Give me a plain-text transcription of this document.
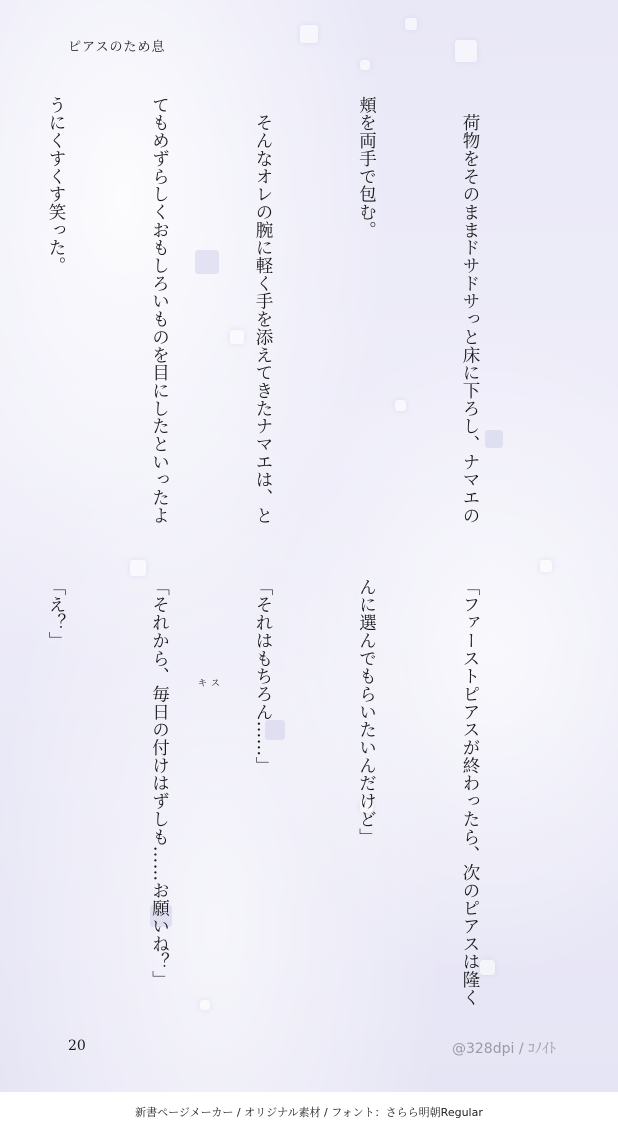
ピアスのため息

　荷物をそのままドサドサっと床に下ろし、ナマエの

頬を両手で包む。

　そんなオレの腕に軽く手を添えてきたナマエは、と

てもめずらしくおもしろいものを目にしたといったよ

うにくすくす笑った。

「ファーストピアスが終わったら、次のピアスは隆く

んに選んでもらいたいんだけど」

「それはもちろん……」

「それから、毎日の付けはずしも……お願いね？」

「え？」

キス
20	@328dpi / ｺﾉｲﾄ
新書ページメーカー / オリジナル素材 / フォント：さらら明朝Regular
